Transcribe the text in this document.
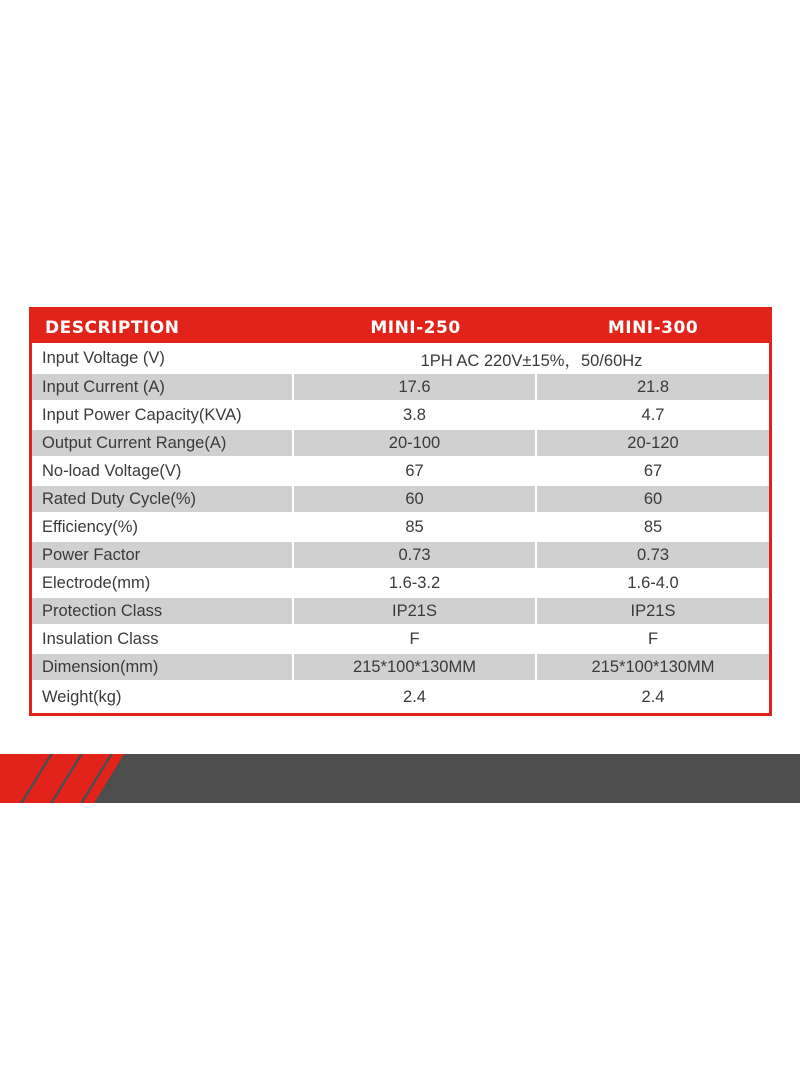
DESCRIPTION	MINI-250	MINI-300
Input Voltage (V)	1PH AC 220V±15%，50/60Hz
Input Current (A)	17.6	21.8
Input Power Capacity(KVA)	3.8	4.7
Output Current Range(A)	20-100	20-120
No-load Voltage(V)	67	67
Rated Duty Cycle(%)	60	60
Efficiency(%)	85	85
Power Factor	0.73	0.73
Electrode(mm)	1.6-3.2	1.6-4.0
Protection Class	IP21S	IP21S
Insulation Class	F	F
Dimension(mm)	215*100*130MM	215*100*130MM
Weight(kg)	2.4	2.4
